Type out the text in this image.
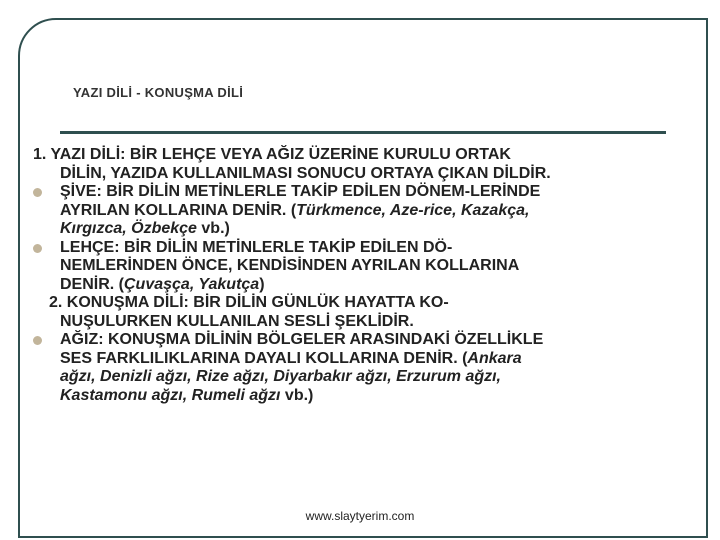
YAZI DİLİ - KONUŞMA DİLİ
1. YAZI DİLİ: BİR LEHÇE VEYA AĞIZ ÜZERİNE KURULU ORTAK
DİLİN, YAZIDA KULLANILMASI SONUCU ORTAYA ÇIKAN DİLDİR.
ŞİVE: BİR DİLİN METİNLERLE TAKİP EDİLEN DÖNEM-LERİNDE
AYRILAN KOLLARINA DENİR. (Türkmence, Aze-rice, Kazakça,
Kırgızca, Özbekçe vb.)
LEHÇE: BİR DİLİN METİNLERLE TAKİP EDİLEN DÖ-
NEMLERİNDEN ÖNCE, KENDİSİNDEN AYRILAN KOLLARINA
DENİR. (Çuvaşça, Yakutça)
2. KONUŞMA DİLİ: BİR DİLİN GÜNLÜK HAYATTA KO-
NUŞULURKEN KULLANILAN SESLİ ŞEKLİDİR.
AĞIZ: KONUŞMA DİLİNİN BÖLGELER ARASINDAKİ ÖZELLİKLE
SES FARKLILIKLARINA DAYALI KOLLARINA DENİR. (Ankara
ağzı, Denizli ağzı, Rize ağzı, Diyarbakır ağzı, Erzurum ağzı,
Kastamonu ağzı, Rumeli ağzı vb.)
www.slaytyerim.com
